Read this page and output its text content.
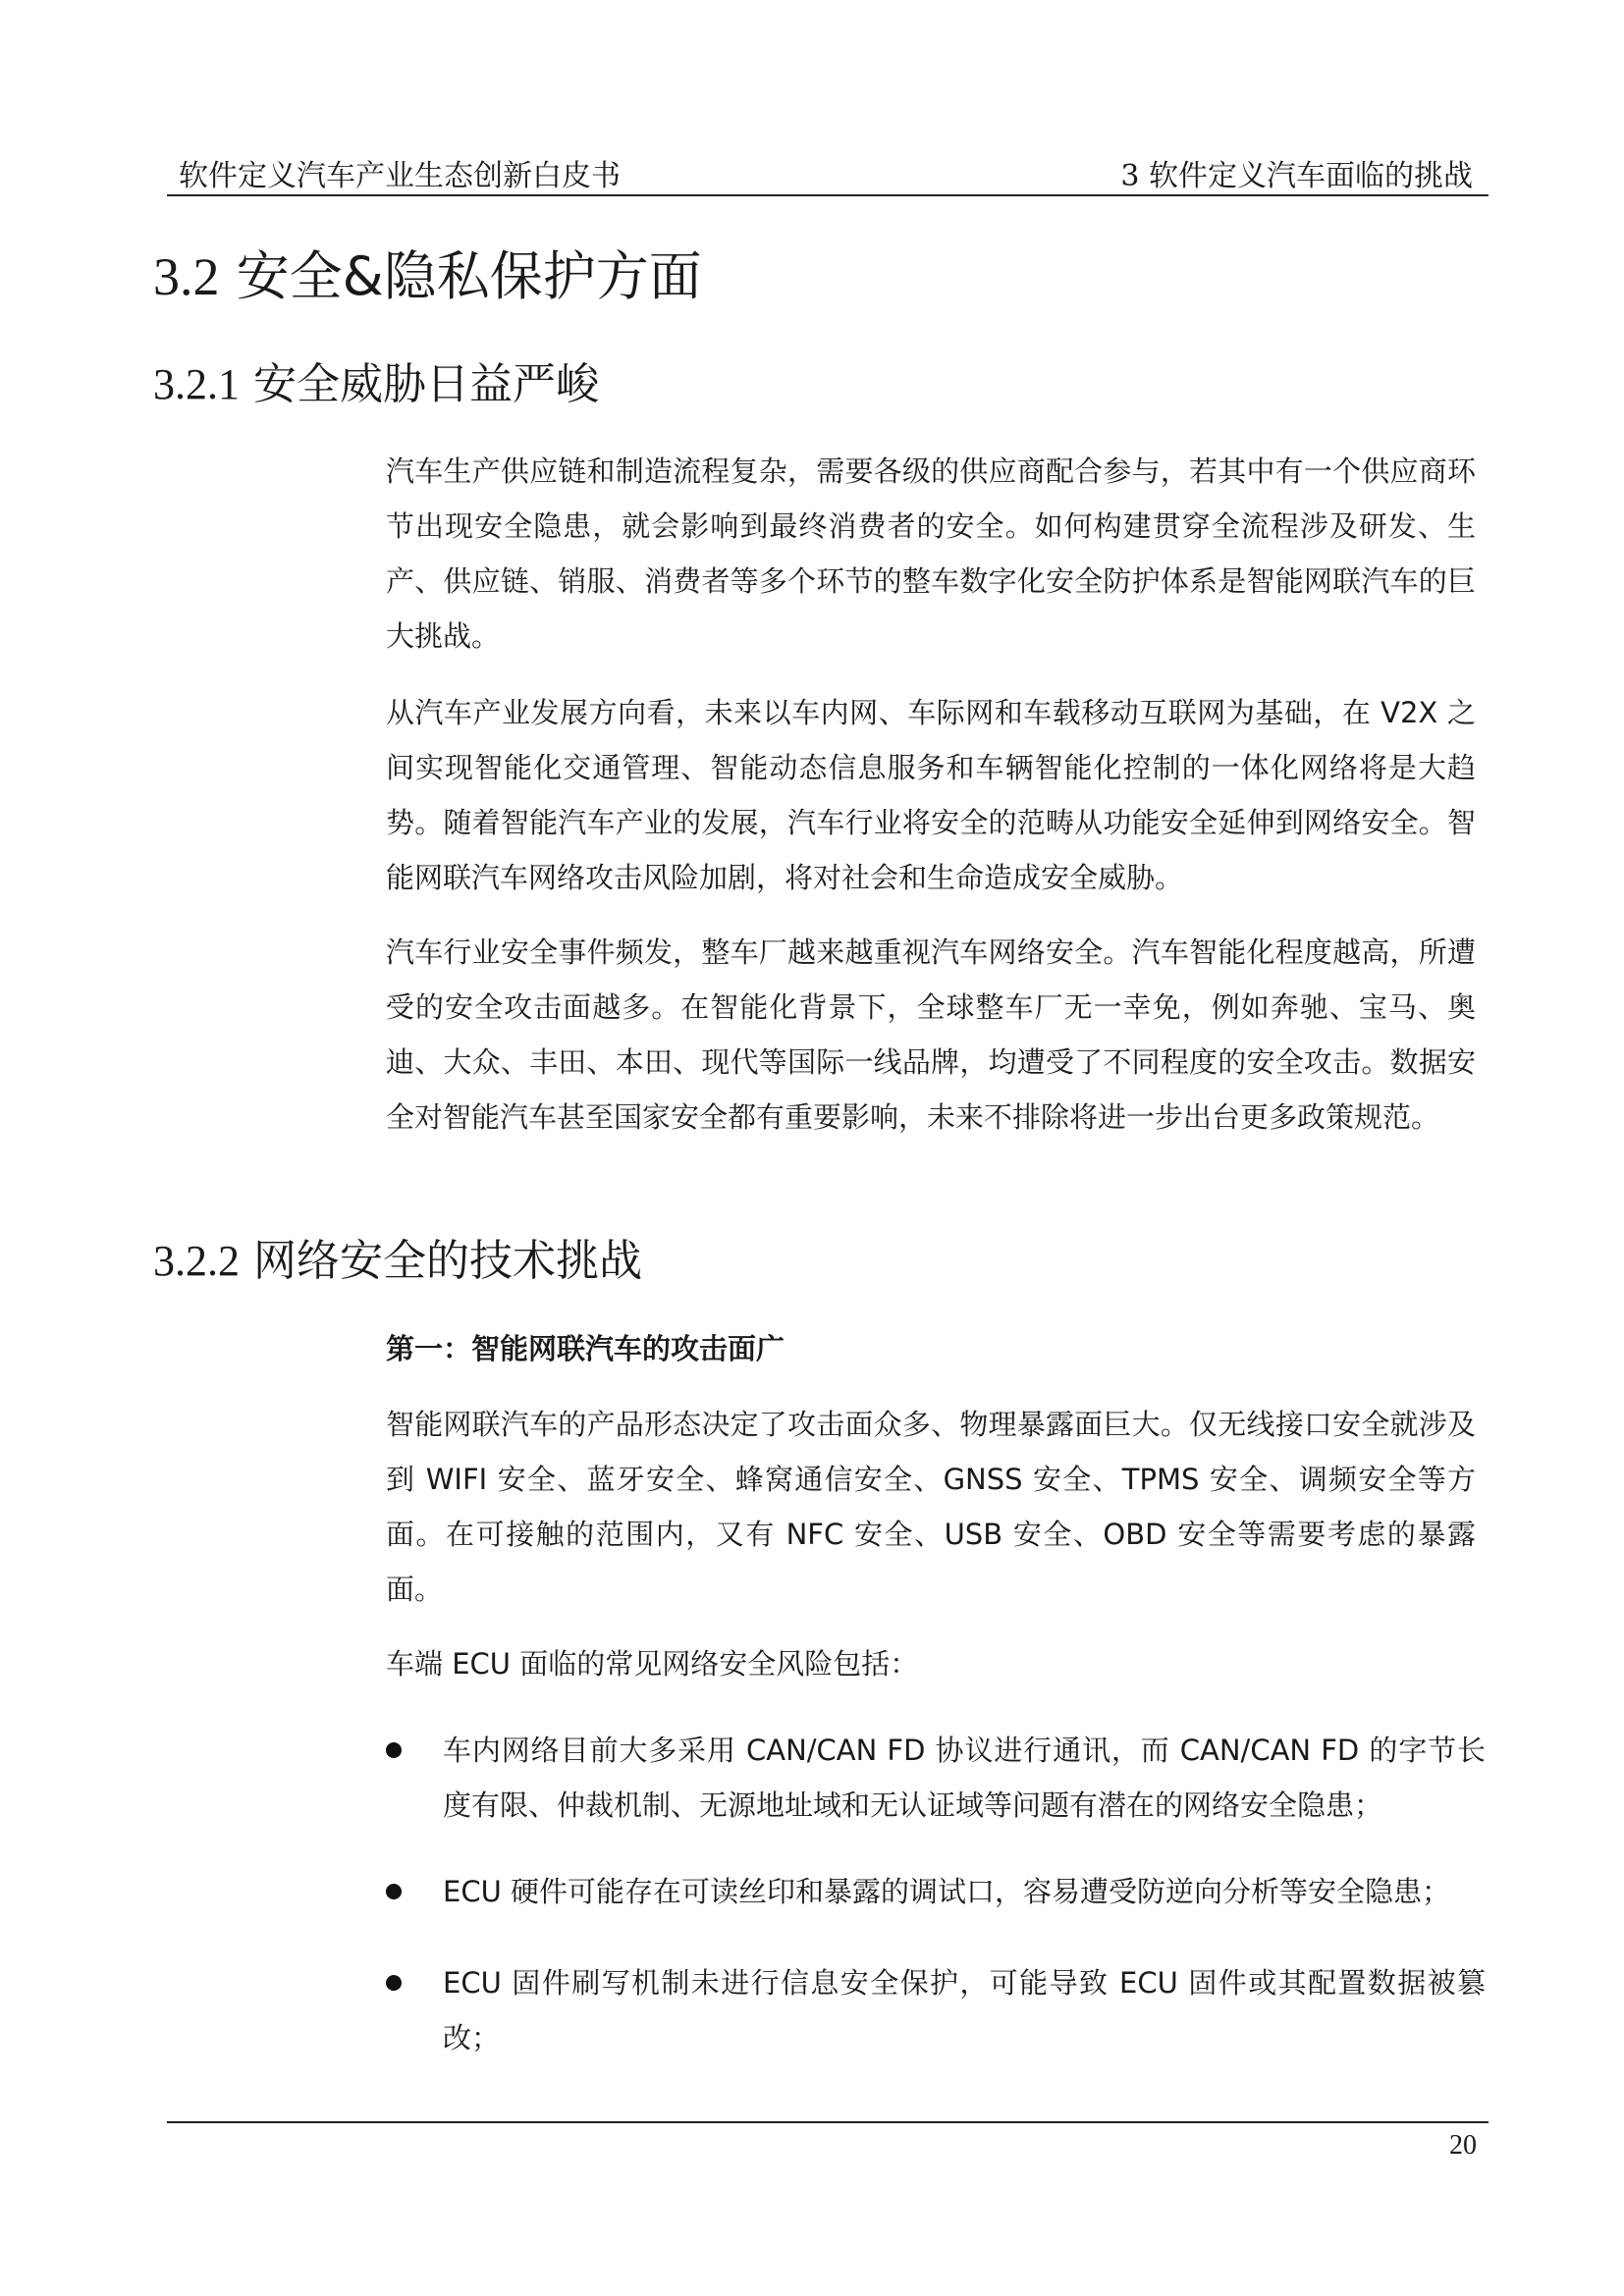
软件定义汽车产业生态创新白皮书	3 软件定义汽车面临的挑战
3.2 安全&隐私保护方面
3.2.1 安全威胁日益严峻

汽车生产供应链和制造流程复杂，需要各级的供应商配合参与，若其中有一个供应商环节出现安全隐患，就会影响到最终消费者的安全。如何构建贯穿全流程涉及研发、生产、供应链、销服、消费者等多个环节的整车数字化安全防护体系是智能网联汽车的巨大挑战。

从汽车产业发展方向看，未来以车内网、车际网和车载移动互联网为基础，在 V2X 之间实现智能化交通管理、智能动态信息服务和车辆智能化控制的一体化网络将是大趋势。随着智能汽车产业的发展，汽车行业将安全的范畴从功能安全延伸到网络安全。智能网联汽车网络攻击风险加剧，将对社会和生命造成安全威胁。

汽车行业安全事件频发，整车厂越来越重视汽车网络安全。汽车智能化程度越高，所遭受的安全攻击面越多。在智能化背景下，全球整车厂无一幸免，例如奔驰、宝马、奥迪、大众、丰田、本田、现代等国际一线品牌，均遭受了不同程度的安全攻击。数据安全对智能汽车甚至国家安全都有重要影响，未来不排除将进一步出台更多政策规范。

3.2.2 网络安全的技术挑战

第一：智能网联汽车的攻击面广

智能网联汽车的产品形态决定了攻击面众多、物理暴露面巨大。仅无线接口安全就涉及到 WIFI 安全、蓝牙安全、蜂窝通信安全、GNSS 安全、TPMS 安全、调频安全等方面。在可接触的范围内，又有 NFC 安全、USB 安全、OBD 安全等需要考虑的暴露面。

车端 ECU 面临的常见网络安全风险包括：

车内网络目前大多采用 CAN/CAN FD 协议进行通讯，而 CAN/CAN FD 的字节长度有限、仲裁机制、无源地址域和无认证域等问题有潜在的网络安全隐患；
ECU 硬件可能存在可读丝印和暴露的调试口，容易遭受防逆向分析等安全隐患；
ECU 固件刷写机制未进行信息安全保护，可能导致 ECU 固件或其配置数据被篡改；
20
